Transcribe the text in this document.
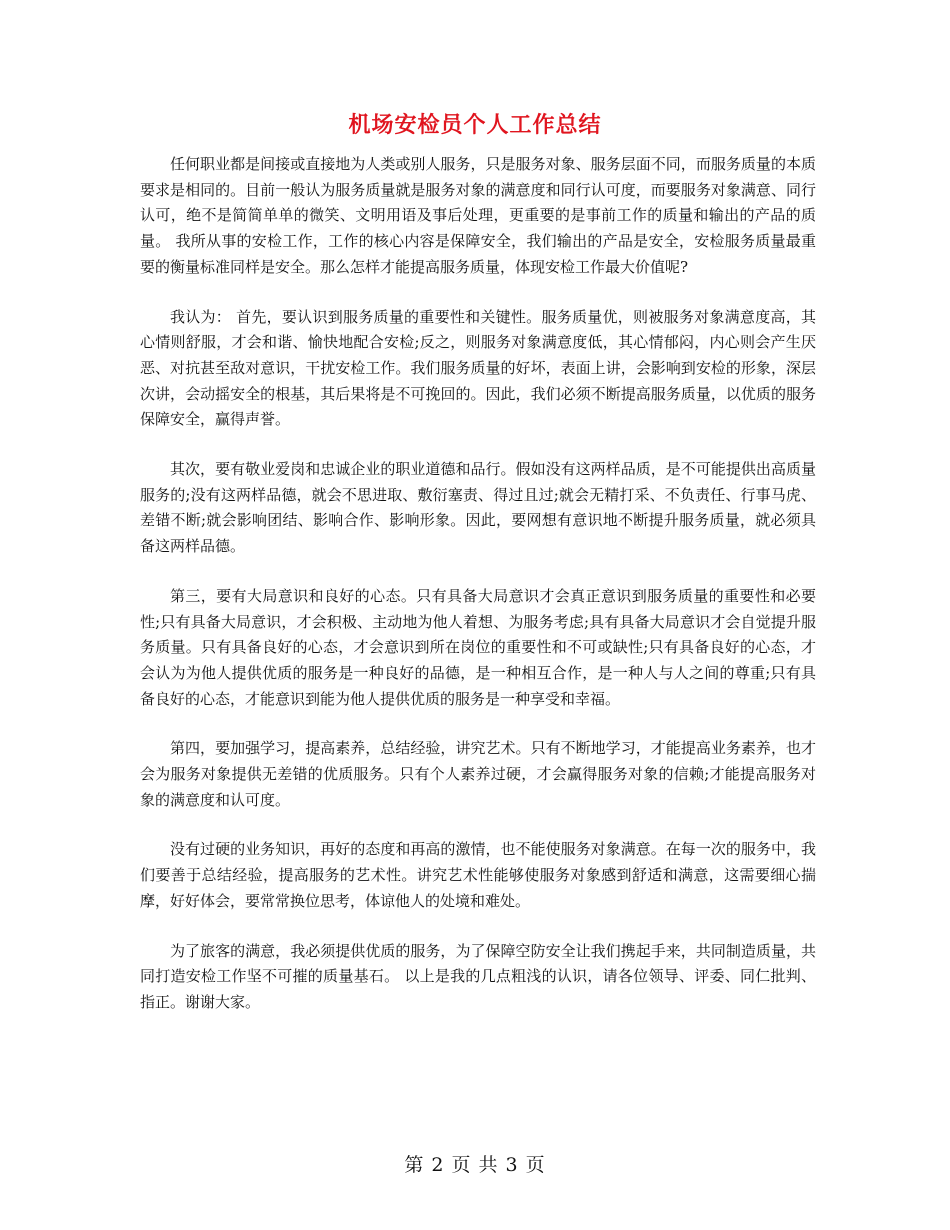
机场安检员个人工作总结

任何职业都是间接或直接地为人类或别人服务，只是服务对象、服务层面不同，而服务质量的本质要求是相同的。目前一般认为服务质量就是服务对象的满意度和同行认可度，而要服务对象满意、同行认可，绝不是简简单单的微笑、文明用语及事后处理，更重要的是事前工作的质量和输出的产品的质量。 我所从事的安检工作，工作的核心内容是保障安全，我们输出的产品是安全，安检服务质量最重要的衡量标准同样是安全。那么怎样才能提高服务质量，体现安检工作最大价值呢?

我认为： 首先，要认识到服务质量的重要性和关键性。服务质量优，则被服务对象满意度高，其心情则舒服，才会和谐、愉快地配合安检;反之，则服务对象满意度低，其心情郁闷，内心则会产生厌恶、对抗甚至敌对意识，干扰安检工作。我们服务质量的好坏，表面上讲，会影响到安检的形象，深层次讲，会动摇安全的根基，其后果将是不可挽回的。因此，我们必须不断提高服务质量，以优质的服务保障安全，赢得声誉。

其次，要有敬业爱岗和忠诚企业的职业道德和品行。假如没有这两样品质，是不可能提供出高质量服务的;没有这两样品德，就会不思进取、敷衍塞责、得过且过;就会无精打采、不负责任、行事马虎、差错不断;就会影响团结、影响合作、影响形象。因此，要网想有意识地不断提升服务质量，就必须具备这两样品德。

第三，要有大局意识和良好的心态。只有具备大局意识才会真正意识到服务质量的重要性和必要性;只有具备大局意识，才会积极、主动地为他人着想、为服务考虑;具有具备大局意识才会自觉提升服务质量。只有具备良好的心态，才会意识到所在岗位的重要性和不可或缺性;只有具备良好的心态，才会认为为他人提供优质的服务是一种良好的品德，是一种相互合作，是一种人与人之间的尊重;只有具备良好的心态，才能意识到能为他人提供优质的服务是一种享受和幸福。

第四，要加强学习，提高素养，总结经验，讲究艺术。只有不断地学习，才能提高业务素养，也才会为服务对象提供无差错的优质服务。只有个人素养过硬，才会赢得服务对象的信赖;才能提高服务对象的满意度和认可度。

没有过硬的业务知识，再好的态度和再高的激情，也不能使服务对象满意。在每一次的服务中，我们要善于总结经验，提高服务的艺术性。讲究艺术性能够使服务对象感到舒适和满意，这需要细心揣摩，好好体会，要常常换位思考，体谅他人的处境和难处。

为了旅客的满意，我必须提供优质的服务，为了保障空防安全让我们携起手来，共同制造质量，共同打造安检工作坚不可摧的质量基石。 以上是我的几点粗浅的认识，请各位领导、评委、同仁批判、指正。谢谢大家。

第 2 页 共 3 页
